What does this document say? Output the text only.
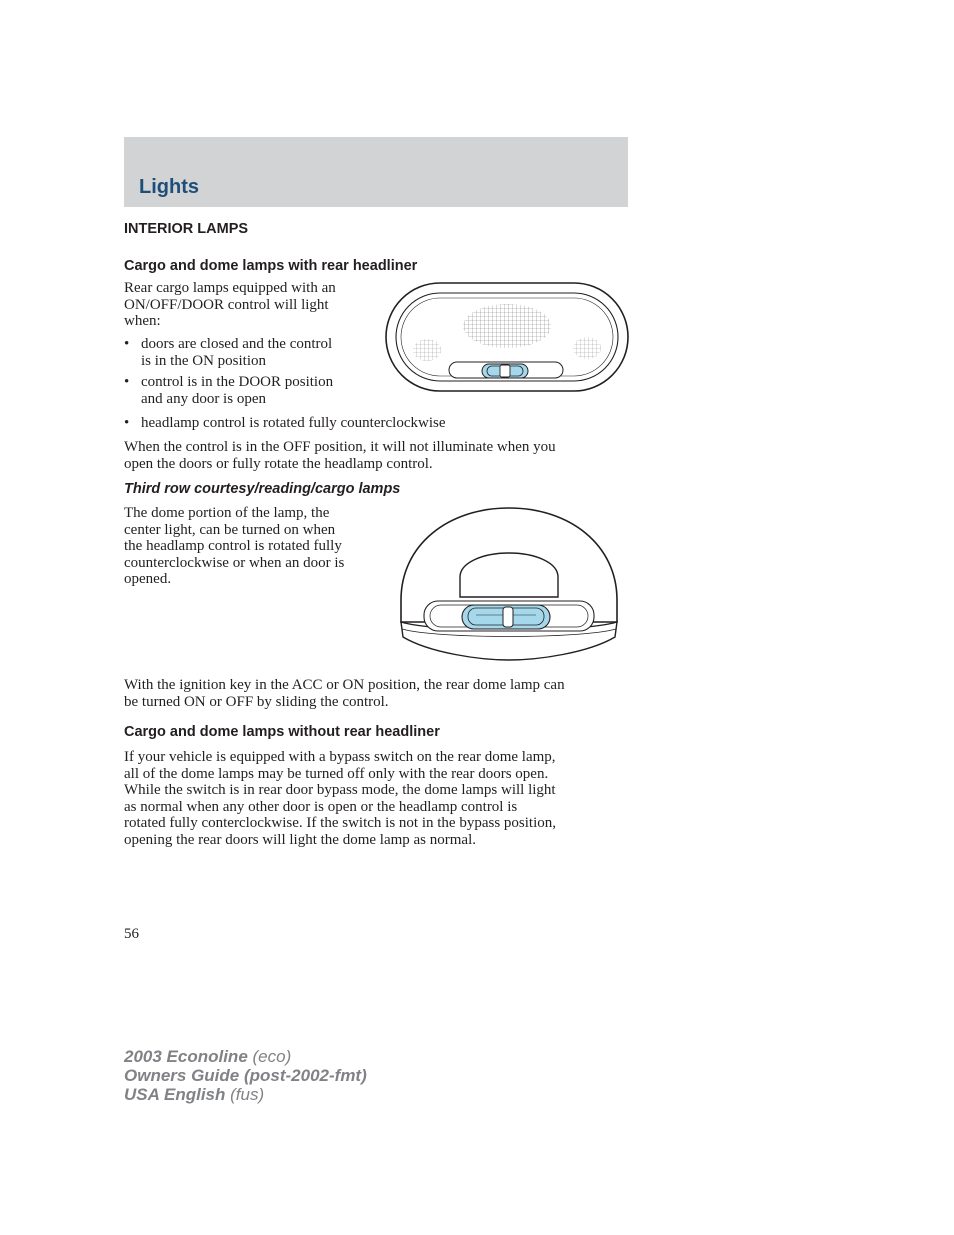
Lights
INTERIOR LAMPS
Cargo and dome lamps with rear headliner
Rear cargo lamps equipped with an
ON/OFF/DOOR control will light
when:
• doors are closed and the control
is in the ON position
• control is in the DOOR position
and any door is open
• headlamp control is rotated fully counterclockwise
When the control is in the OFF position, it will not illuminate when you
open the doors or fully rotate the headlamp control.
Third row courtesy/reading/cargo lamps
The dome portion of the lamp, the
center light, can be turned on when
the headlamp control is rotated fully
counterclockwise or when an door is
opened.
With the ignition key in the ACC or ON position, the rear dome lamp can
be turned ON or OFF by sliding the control.
Cargo and dome lamps without rear headliner
If your vehicle is equipped with a bypass switch on the rear dome lamp,
all of the dome lamps may be turned off only with the rear doors open.
While the switch is in rear door bypass mode, the dome lamps will light
as normal when any other door is open or the headlamp control is
rotated fully conterclockwise. If the switch is not in the bypass position,
opening the rear doors will light the dome lamp as normal.
56
2003 Econoline (eco)
Owners Guide (post-2002-fmt)
USA English (fus)
